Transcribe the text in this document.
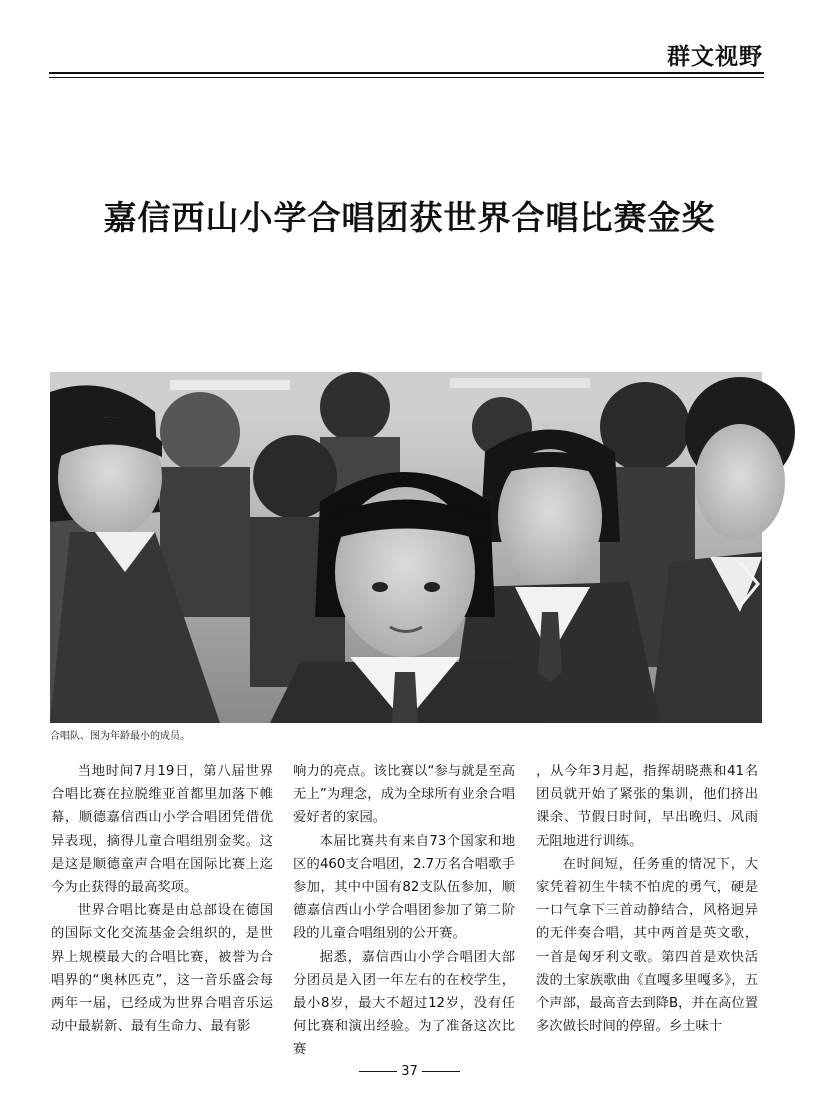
群文视野
嘉信西山小学合唱团获世界合唱比赛金奖
合唱队、图为年龄最小的成员。

当地时间7月19日，第八届世界合唱比赛在拉脱维亚首都里加落下帷幕，顺德嘉信西山小学合唱团凭借优异表现，摘得儿童合唱组别金奖。这是这是顺德童声合唱在国际比赛上迄今为止获得的最高奖项。

世界合唱比赛是由总部设在德国的国际文化交流基金会组织的，是世界上规模最大的合唱比赛，被誉为合唱界的“奥林匹克”，这一音乐盛会每两年一届，已经成为世界合唱音乐运动中最崭新、最有生命力、最有影

响力的亮点。该比赛以“参与就是至高无上”为理念，成为全球所有业余合唱爱好者的家园。

本届比赛共有来自73个国家和地区的460支合唱团，2.7万名合唱歌手参加，其中中国有82支队伍参加，顺德嘉信西山小学合唱团参加了第二阶段的儿童合唱组别的公开赛。

据悉，嘉信西山小学合唱团大部分团员是入团一年左右的在校学生，最小8岁，最大不超过12岁，没有任何比赛和演出经验。为了准备这次比赛

，从今年3月起，指挥胡晓燕和41名团员就开始了紧张的集训，他们挤出课余、节假日时间，早出晚归、风雨无阻地进行训练。

在时间短，任务重的情况下，大家凭着初生牛犊不怕虎的勇气，硬是一口气拿下三首动静结合，风格迥异的无伴奏合唱，其中两首是英文歌，一首是匈牙利文歌。第四首是欢快活泼的土家族歌曲《直嘎多里嘎多》，五个声部，最高音去到降B，并在高位置多次做长时间的停留。乡土味十

37
